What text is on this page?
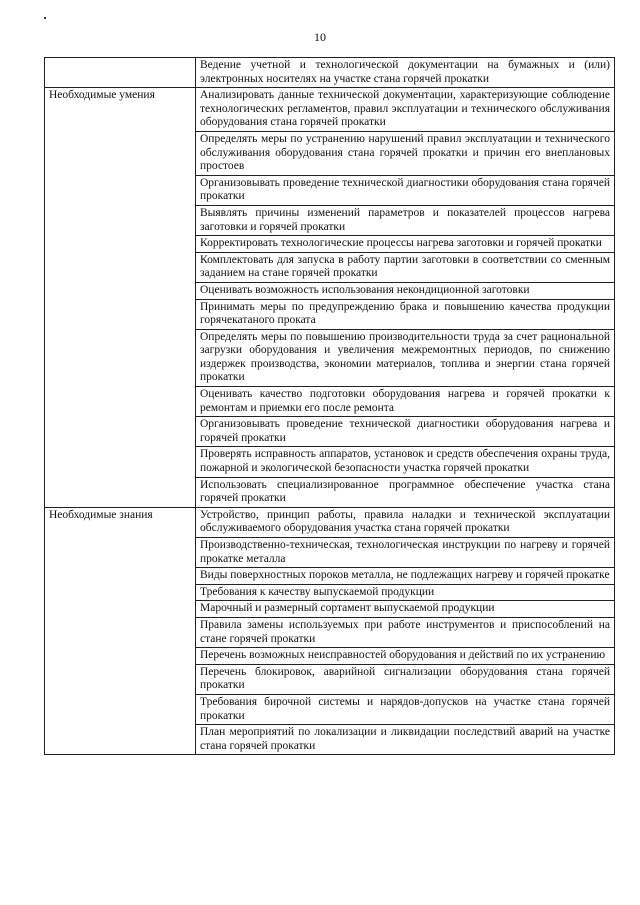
10
	Ведение учетной и технологической документации на бумажных и (или) электронных носителях на участке стана горячей прокатки
Необходимые умения	Анализировать данные технической документации, характеризующие соблюдение технологических регламентов, правил эксплуатации и технического обслуживания оборудования стана горячей прокатки
	Определять меры по устранению нарушений правил эксплуатации и технического обслуживания оборудования стана горячей прокатки и причин его внеплановых простоев
	Организовывать проведение технической диагностики оборудования стана горячей прокатки
	Выявлять причины изменений параметров и показателей процессов нагрева заготовки и горячей прокатки
	Корректировать технологические процессы нагрева заготовки и горячей прокатки
	Комплектовать для запуска в работу партии заготовки в соответствии со сменным заданием на стане горячей прокатки
	Оценивать возможность использования некондиционной заготовки
	Принимать меры по предупреждению брака и повышению качества продукции горячекатаного проката
	Определять меры по повышению производительности труда за счет рациональной загрузки оборудования и увеличения межремонтных периодов, по снижению издержек производства, экономии материалов, топлива и энергии стана горячей прокатки
	Оценивать качество подготовки оборудования нагрева и горячей прокатки к ремонтам и приемки его после ремонта
	Организовывать проведение технической диагностики оборудования нагрева и горячей прокатки
	Проверять исправность аппаратов, установок и средств обеспечения охраны труда, пожарной и экологической безопасности участка горячей прокатки
	Использовать специализированное программное обеспечение участка стана горячей прокатки
Необходимые знания	Устройство, принцип работы, правила наладки и технической эксплуатации обслуживаемого оборудования участка стана горячей прокатки
	Производственно-техническая, технологическая инструкции по нагреву и горячей прокатке металла
	Виды поверхностных пороков металла, не подлежащих нагреву и горячей прокатке
	Требования к качеству выпускаемой продукции
	Марочный и размерный сортамент выпускаемой продукции
	Правила замены используемых при работе инструментов и приспособлений на стане горячей прокатки
	Перечень возможных неисправностей оборудования и действий по их устранению
	Перечень блокировок, аварийной сигнализации оборудования стана горячей прокатки
	Требования бирочной системы и нарядов-допусков на участке стана горячей прокатки
	План мероприятий по локализации и ликвидации последствий аварий на участке стана горячей прокатки
